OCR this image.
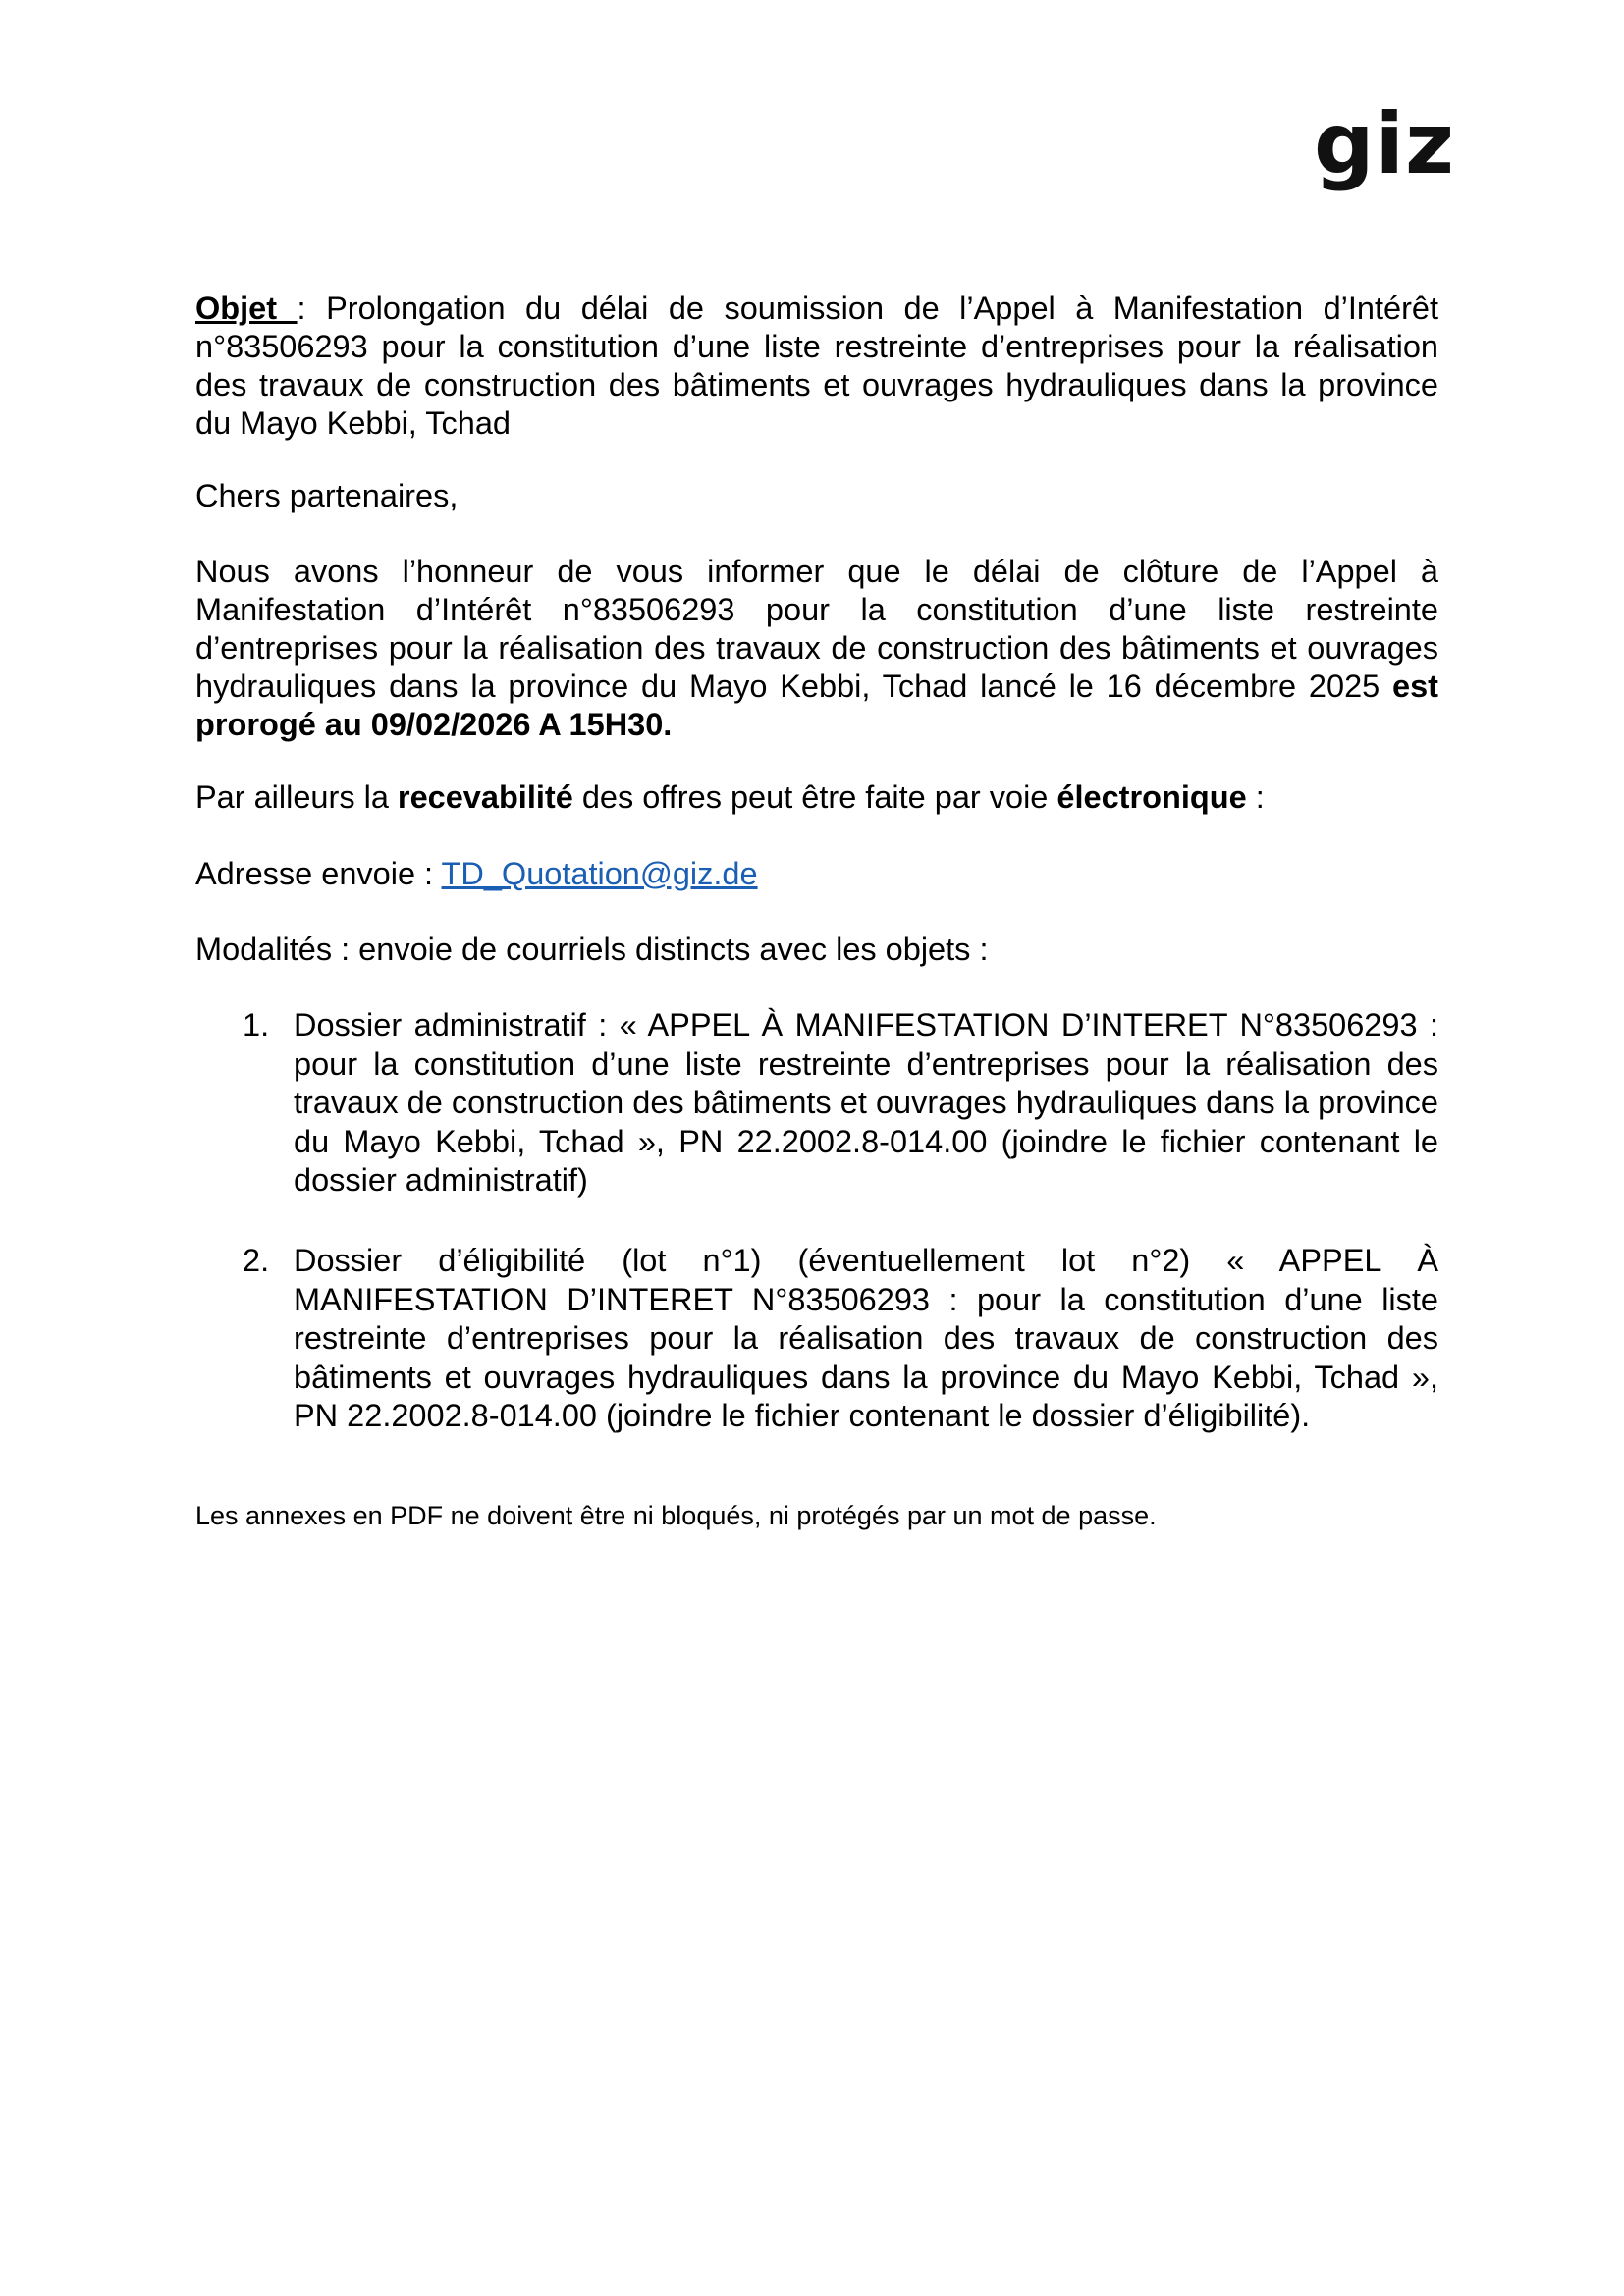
giz
Objet : Prolongation du délai de soumission de l’Appel à Manifestation d’Intérêt n°83506293 pour la constitution d’une liste restreinte d’entreprises pour la réalisation des travaux de construction des bâtiments et ouvrages hydrauliques dans la province du Mayo Kebbi, Tchad
Chers partenaires,
Nous avons l’honneur de vous informer que le délai de clôture de l’Appel à Manifestation d’Intérêt n°83506293 pour la constitution d’une liste restreinte d’entreprises pour la réalisation des travaux de construction des bâtiments et ouvrages hydrauliques dans la province du Mayo Kebbi, Tchad lancé le 16 décembre 2025 est prorogé au 09/02/2026 A 15H30.
Par ailleurs la recevabilité des offres peut être faite par voie électronique :
Adresse envoie : TD_Quotation@giz.de
Modalités : envoie de courriels distincts avec les objets :
1. Dossier administratif : « APPEL À MANIFESTATION D’INTERET N°83506293 : pour la constitution d’une liste restreinte d’entreprises pour la réalisation des travaux de construction des bâtiments et ouvrages hydrauliques dans la province du Mayo Kebbi, Tchad », PN 22.2002.8-014.00 (joindre le fichier contenant le dossier administratif)
2. Dossier d’éligibilité (lot n°1) (éventuellement lot n°2) « APPEL À MANIFESTATION D’INTERET N°83506293 : pour la constitution d’une liste restreinte d’entreprises pour la réalisation des travaux de construction des bâtiments et ouvrages hydrauliques dans la province du Mayo Kebbi, Tchad », PN 22.2002.8-014.00 (joindre le fichier contenant le dossier d’éligibilité).
Les annexes en PDF ne doivent être ni bloqués, ni protégés par un mot de passe.
